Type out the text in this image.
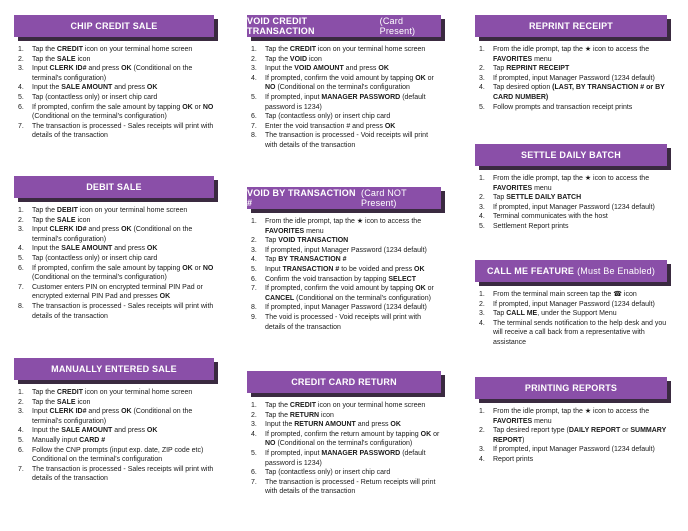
CHIP CREDIT SALE
1.	Tap the CREDIT icon on your terminal home screen
2.	Tap the SALE icon
3.	Input CLERK ID# and press OK (Conditional on the terminal's configuration)
4.	Input the SALE AMOUNT and press OK
5.	Tap (contactless only) or insert chip card
6.	If prompted, confirm the sale amount by tapping OK or NO (Conditional on the terminal's configuration)
7.	The transaction is processed - Sales receipts will print with details of the transaction
DEBIT SALE
1.	Tap the DEBIT icon on your terminal home screen
2.	Tap the SALE icon
3.	Input CLERK ID# and press OK (Conditional on the terminal's configuration)
4.	Input the SALE AMOUNT and press OK
5.	Tap (contactless only) or insert chip card
6.	If prompted, confirm the sale amount by tapping OK or NO (Conditional on the terminal's configuration)
7.	Customer enters PIN on encrypted terminal PIN Pad or encrypted external PIN Pad and presses OK
8.	The transaction is processed - Sales receipts will print with details of the transaction
MANUALLY ENTERED SALE
1.	Tap the CREDIT icon on your terminal home screen
2.	Tap the SALE icon
3.	Input CLERK ID# and press OK (Conditional on the terminal's configuration)
4.	Input the SALE AMOUNT and press OK
5.	Manually input CARD #
6.	Follow the CNP prompts (input exp. date, ZIP code etc) Conditional on the terminal's configuration
7.	The transaction is processed - Sales receipts will print with details of the transaction
VOID CREDIT TRANSACTION
(Card Present)
1.	Tap the CREDIT icon on your terminal home screen
2.	Tap the VOID icon
3.	Input the VOID AMOUNT and press OK
4.	If prompted, confirm the void amount by tapping OK or NO (Conditional on the terminal's configuration
5.	If prompted, input MANAGER PASSWORD (default password is 1234)
6.	Tap (contactless only) or insert chip card
7.	Enter the void transaction # and press OK
8.	The transaction is processed - Void receipts will print with details of the transaction
VOID BY TRANSACTION #
(Card NOT Present)
1.	From the idle prompt, tap the ★ icon to access the FAVORITES menu
2.	Tap VOID TRANSACTION
3.	If prompted, input Manager Password (1234 default)
4.	Tap BY TRANSACTION #
5.	Input TRANSACTION # to be voided and press OK
6.	Confirm the void transaction by tapping SELECT
7.	If prompted, confirm the void amount by tapping OK or CANCEL (Conditional on the terminal's configuration)
8.	If prompted, input Manager Password (1234 default)
9.	The void is processed - Void receipts will print with details of the transaction
CREDIT CARD RETURN
1.	Tap the CREDIT icon on your terminal home screen
2.	Tap the RETURN icon
3.	Input the RETURN AMOUNT and press OK
4.	If prompted, confirm the return amount by tapping OK or NO (Conditional on the terminal's configuration)
5.	If prompted, input MANAGER PASSWORD (default password is 1234)
6.	Tap (contactless only) or insert chip card
7.	The transaction is processed - Return receipts will print with details of the transaction
REPRINT RECEIPT
1.	From the idle prompt, tap the ★ icon to access the FAVORITES menu
2.	Tap REPRINT RECEIPT
3.	If prompted, input Manager Password (1234 default)
4.	Tap desired option (LAST, BY TRANSACTION # or BY CARD NUMBER)
5.	Follow prompts and transaction receipt prints
SETTLE DAILY BATCH
1.	From the idle prompt, tap the ★ icon to access the FAVORITES menu
2.	Tap SETTLE DAILY BATCH
3.	If prompted, input Manager Password (1234 default)
4.	Terminal communicates with the host
5.	Settlement Report prints
CALL ME FEATURE (Must Be Enabled)
1.	From the terminal main screen tap the ☎ icon
2.	If prompted, input Manager Password (1234 default)
3.	Tap CALL ME, under the Support Menu
4.	The terminal sends notification to the help desk and you will receive a call back from a representative with assistance
PRINTING REPORTS
1.	From the idle prompt, tap the ★ icon to access the FAVORITES menu
2.	Tap desired report type (DAILY REPORT or SUMMARY REPORT)
3.	If prompted, input Manager Password (1234 default)
4.	Report prints
